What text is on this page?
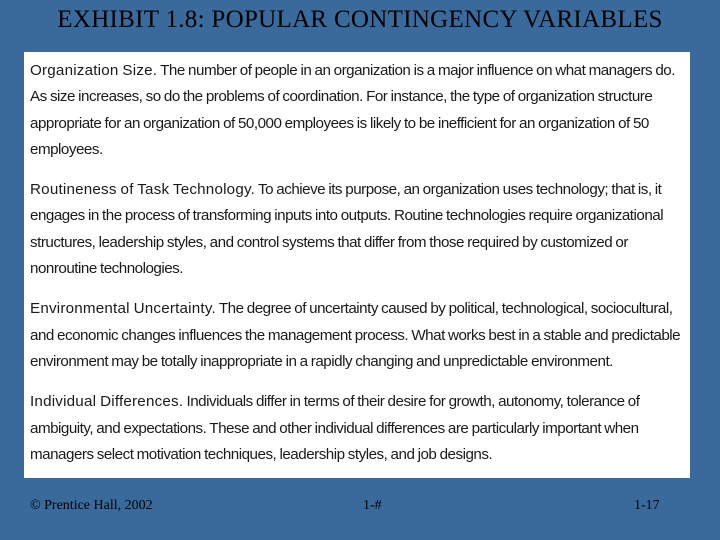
EXHIBIT 1.8: POPULAR CONTINGENCY VARIABLES

Organization Size. The number of people in an organization is a major influence on what managers do. As size increases, so do the problems of coordination. For instance, the type of organization structure appropriate for an organization of 50,000 employees is likely to be inefficient for an organization of 50 employees.

Routineness of Task Technology. To achieve its purpose, an organization uses technology; that is, it engages in the process of transforming inputs into outputs. Routine technologies require organizational structures, leadership styles, and control systems that differ from those required by customized or nonroutine technologies.

Environmental Uncertainty. The degree of uncertainty caused by political, technological, sociocultural, and economic changes influences the management process. What works best in a stable and predictable environment may be totally inappropriate in a rapidly changing and unpredictable environment.

Individual Differences. Individuals differ in terms of their desire for growth, autonomy, tolerance of ambiguity, and expectations. These and other individual differences are particularly important when managers select motivation techniques, leadership styles, and job designs.

© Prentice Hall, 2002	1-#	1-17
